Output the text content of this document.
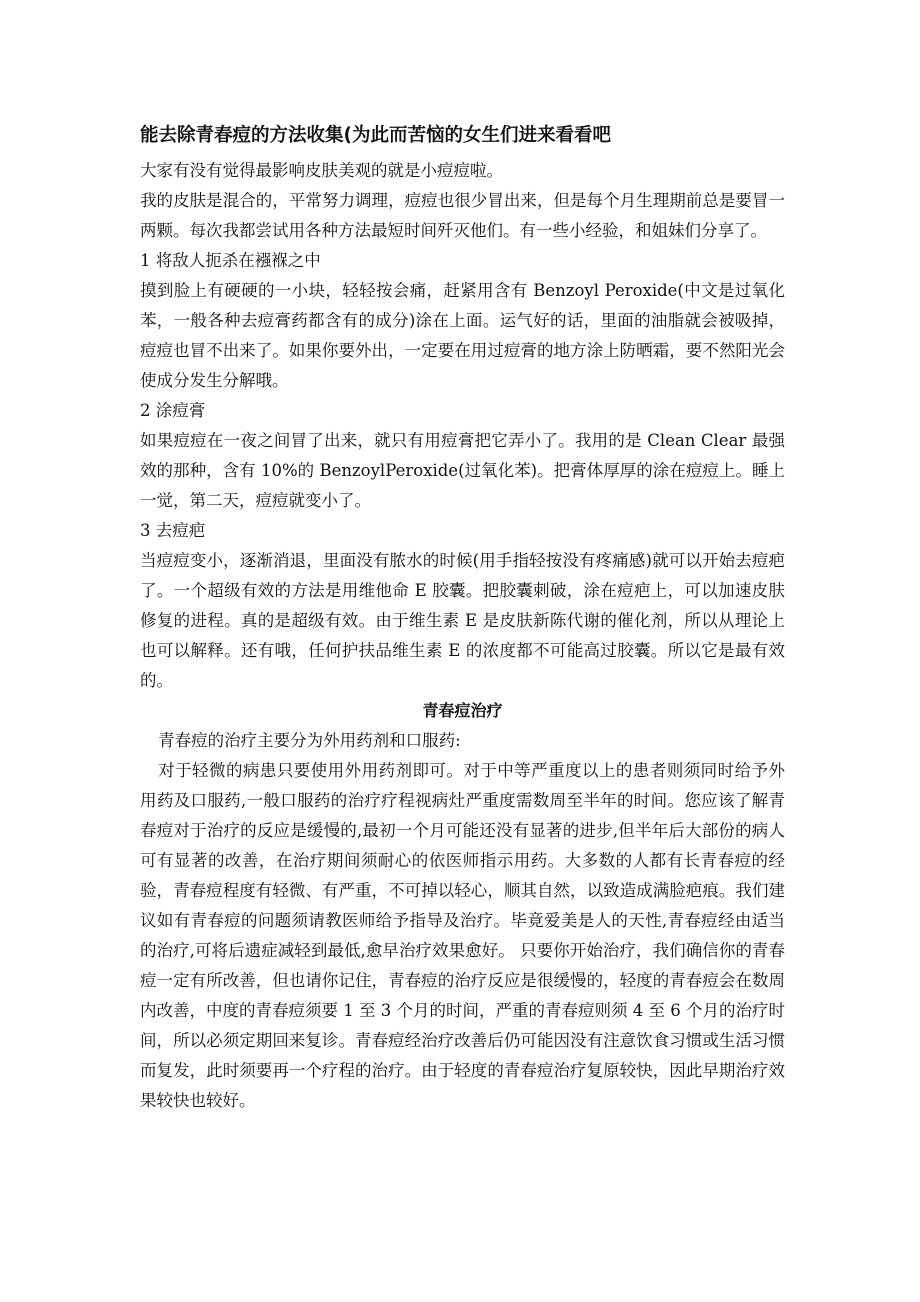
能去除青春痘的方法收集(为此而苦恼的女生们进来看看吧

大家有没有觉得最影响皮肤美观的就是小痘痘啦。

我的皮肤是混合的，平常努力调理，痘痘也很少冒出来，但是每个月生理期前总是要冒一两颗。每次我都尝试用各种方法最短时间歼灭他们。有一些小经验，和姐妹们分享了。

1 将敌人扼杀在襁褓之中

摸到脸上有硬硬的一小块，轻轻按会痛，赶紧用含有 Benzoyl Peroxide(中文是过氧化苯，一般各种去痘膏药都含有的成分)涂在上面。运气好的话，里面的油脂就会被吸掉，痘痘也冒不出来了。如果你要外出，一定要在用过痘膏的地方涂上防晒霜，要不然阳光会使成分发生分解哦。

2 涂痘膏

如果痘痘在一夜之间冒了出来，就只有用痘膏把它弄小了。我用的是 Clean Clear 最强效的那种，含有 10%的 BenzoylPeroxide(过氧化苯)。把膏体厚厚的涂在痘痘上。睡上一觉，第二天，痘痘就变小了。

3 去痘疤

当痘痘变小，逐渐消退，里面没有脓水的时候(用手指轻按没有疼痛感)就可以开始去痘疤了。一个超级有效的方法是用维他命 E 胶囊。把胶囊刺破，涂在痘疤上，可以加速皮肤修复的进程。真的是超级有效。由于维生素 E 是皮肤新陈代谢的催化剂，所以从理论上也可以解释。还有哦，任何护扶品维生素 E 的浓度都不可能高过胶囊。所以它是最有效的。

青春痘治疗

青春痘的治疗主要分为外用药剂和口服药:

对于轻微的病患只要使用外用药剂即可。对于中等严重度以上的患者则须同时给予外用药及口服药,一般口服药的治疗疗程视病灶严重度需数周至半年的时间。您应该了解青春痘对于治疗的反应是缓慢的,最初一个月可能还没有显著的进步,但半年后大部份的病人可有显著的改善，在治疗期间须耐心的依医师指示用药。大多数的人都有长青春痘的经验，青春痘程度有轻微、有严重，不可掉以轻心，顺其自然，以致造成满脸疤痕。我们建议如有青春痘的问题须请教医师给予指导及治疗。毕竟爱美是人的天性,青春痘经由适当的治疗,可将后遗症减轻到最低,愈早治疗效果愈好。 只要你开始治疗，我们确信你的青春痘一定有所改善，但也请你记住，青春痘的治疗反应是很缓慢的，轻度的青春痘会在数周内改善，中度的青春痘须要 1 至 3 个月的时间，严重的青春痘则须 4 至 6 个月的治疗时间，所以必须定期回来复诊。青春痘经治疗改善后仍可能因没有注意饮食习惯或生活习惯而复发，此时须要再一个疗程的治疗。由于轻度的青春痘治疗复原较快，因此早期治疗效果较快也较好。
